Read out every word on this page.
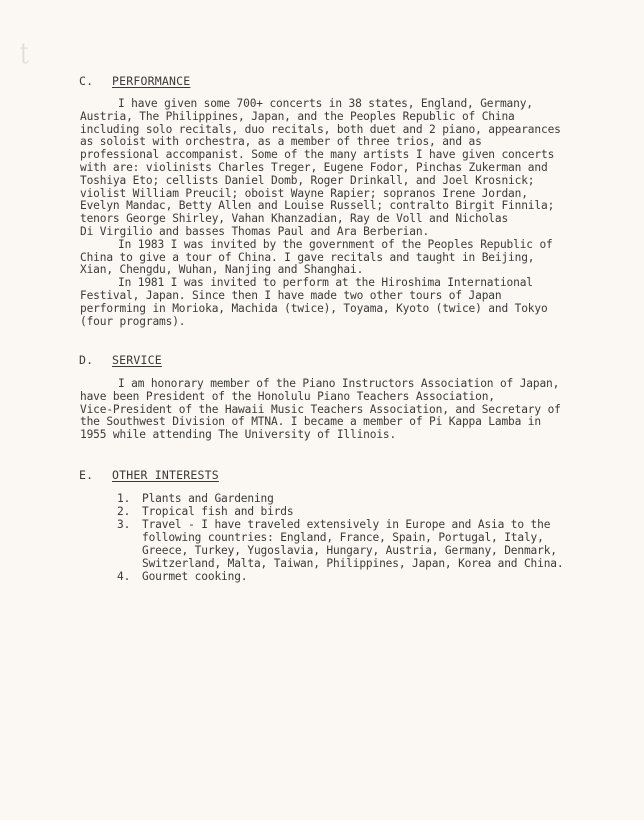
ʈ
C. PERFORMANCE
I have given some 700+ concerts in 38 states, England, Germany,
Austria, The Philippines, Japan, and the Peoples Republic of China
including solo recitals, duo recitals, both duet and 2 piano, appearances
as soloist with orchestra, as a member of three trios, and as
professional accompanist. Some of the many artists I have given concerts
with are: violinists Charles Treger, Eugene Fodor, Pinchas Zukerman and
Toshiya Eto; cellists Daniel Domb, Roger Drinkall, and Joel Krosnick;
violist William Preucil; oboist Wayne Rapier; sopranos Irene Jordan,
Evelyn Mandac, Betty Allen and Louise Russell; contralto Birgit Finnila;
tenors George Shirley, Vahan Khanzadian, Ray de Voll and Nicholas
Di Virgilio and basses Thomas Paul and Ara Berberian.
In 1983 I was invited by the government of the Peoples Republic of
China to give a tour of China. I gave recitals and taught in Beijing,
Xian, Chengdu, Wuhan, Nanjing and Shanghai.
In 1981 I was invited to perform at the Hiroshima International
Festival, Japan. Since then I have made two other tours of Japan
performing in Morioka, Machida (twice), Toyama, Kyoto (twice) and Tokyo
(four programs).
D. SERVICE
I am honorary member of the Piano Instructors Association of Japan,
have been President of the Honolulu Piano Teachers Association,
Vice-President of the Hawaii Music Teachers Association, and Secretary of
the Southwest Division of MTNA. I became a member of Pi Kappa Lamba in
1955 while attending The University of Illinois.
E. OTHER INTERESTS
1.	Plants and Gardening
2.	Tropical fish and birds
3.	Travel - I have traveled extensively in Europe and Asia to the
following countries: England, France, Spain, Portugal, Italy,
Greece, Turkey, Yugoslavia, Hungary, Austria, Germany, Denmark,
Switzerland, Malta, Taiwan, Philippines, Japan, Korea and China.
4.	Gourmet cooking.
